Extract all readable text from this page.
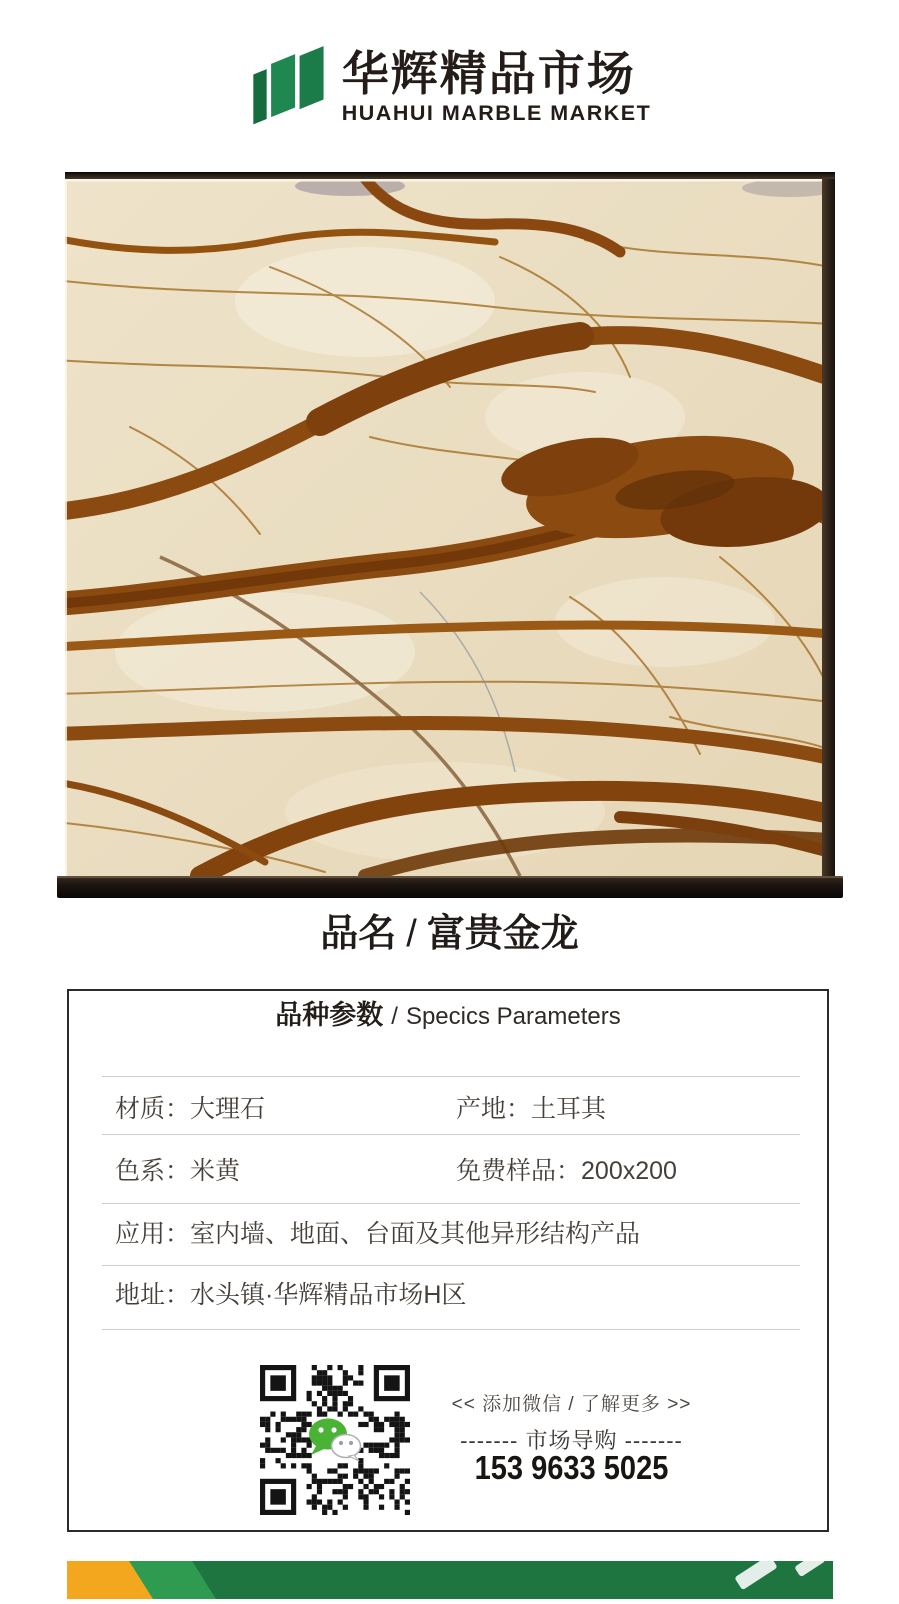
华辉精品市场
HUAHUI MARBLE MARKET
品名 / 富贵金龙
品种参数 / Specics Parameters
材质：大理石	产地：土耳其
色系：米黄	免费样品：200x200
应用：室内墙、地面、台面及其他异形结构产品
地址：水头镇·华辉精品市场H区
<< 添加微信 / 了解更多 >>
------- 市场导购 -------
153 9633 5025
